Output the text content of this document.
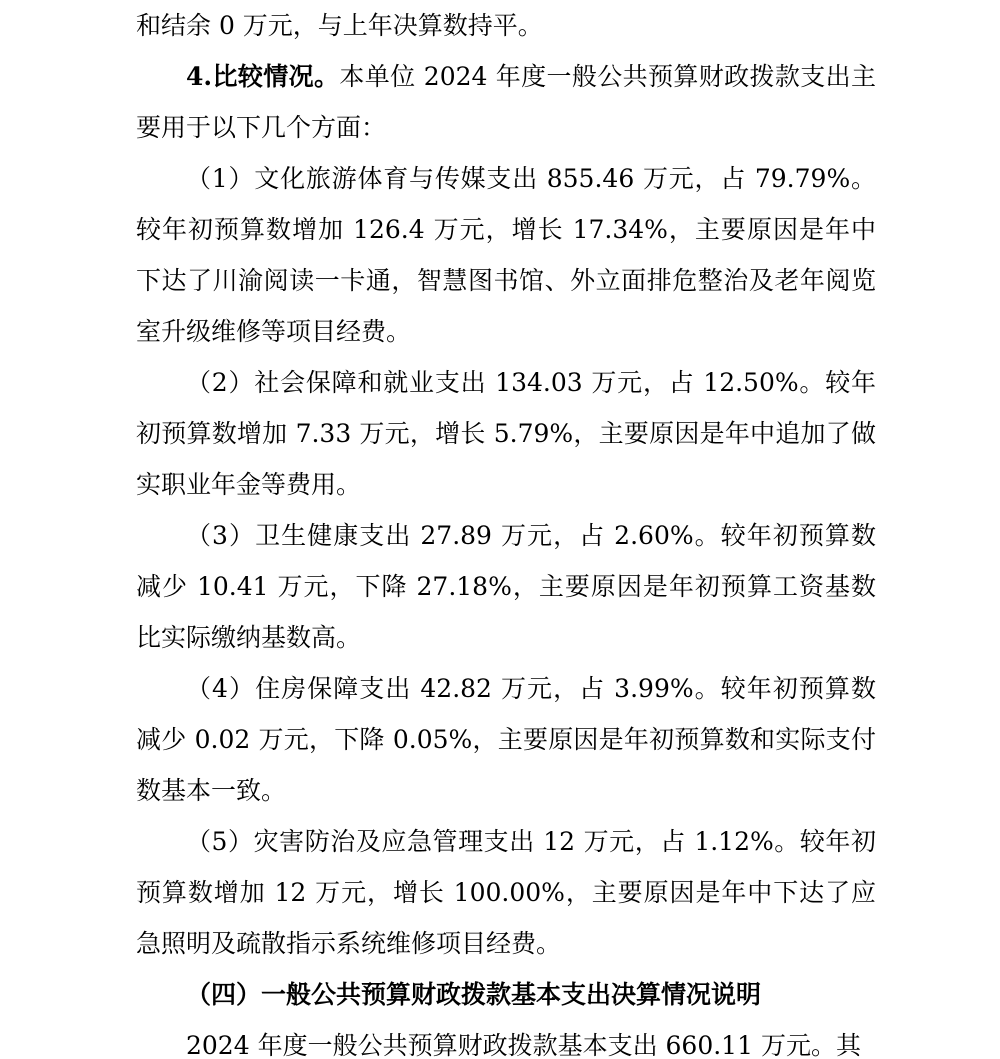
和结余 0 万元，与上年决算数持平。

4.比较情况。本单位 2024 年度一般公共预算财政拨款支出主要用于以下几个方面：

（1）文化旅游体育与传媒支出 855.46 万元，占 79.79%。较年初预算数增加 126.4 万元，增长 17.34%，主要原因是年中下达了川渝阅读一卡通，智慧图书馆、外立面排危整治及老年阅览室升级维修等项目经费。

（2）社会保障和就业支出 134.03 万元，占 12.50%。较年初预算数增加 7.33 万元，增长 5.79%，主要原因是年中追加了做实职业年金等费用。

（3）卫生健康支出 27.89 万元，占 2.60%。较年初预算数减少 10.41 万元，下降 27.18%，主要原因是年初预算工资基数比实际缴纳基数高。

（4）住房保障支出 42.82 万元，占 3.99%。较年初预算数减少 0.02 万元，下降 0.05%，主要原因是年初预算数和实际支付数基本一致。

（5）灾害防治及应急管理支出 12 万元，占 1.12%。较年初预算数增加 12 万元，增长 100.00%，主要原因是年中下达了应急照明及疏散指示系统维修项目经费。

（四）一般公共预算财政拨款基本支出决算情况说明

2024 年度一般公共预算财政拨款基本支出 660.11 万元。其
